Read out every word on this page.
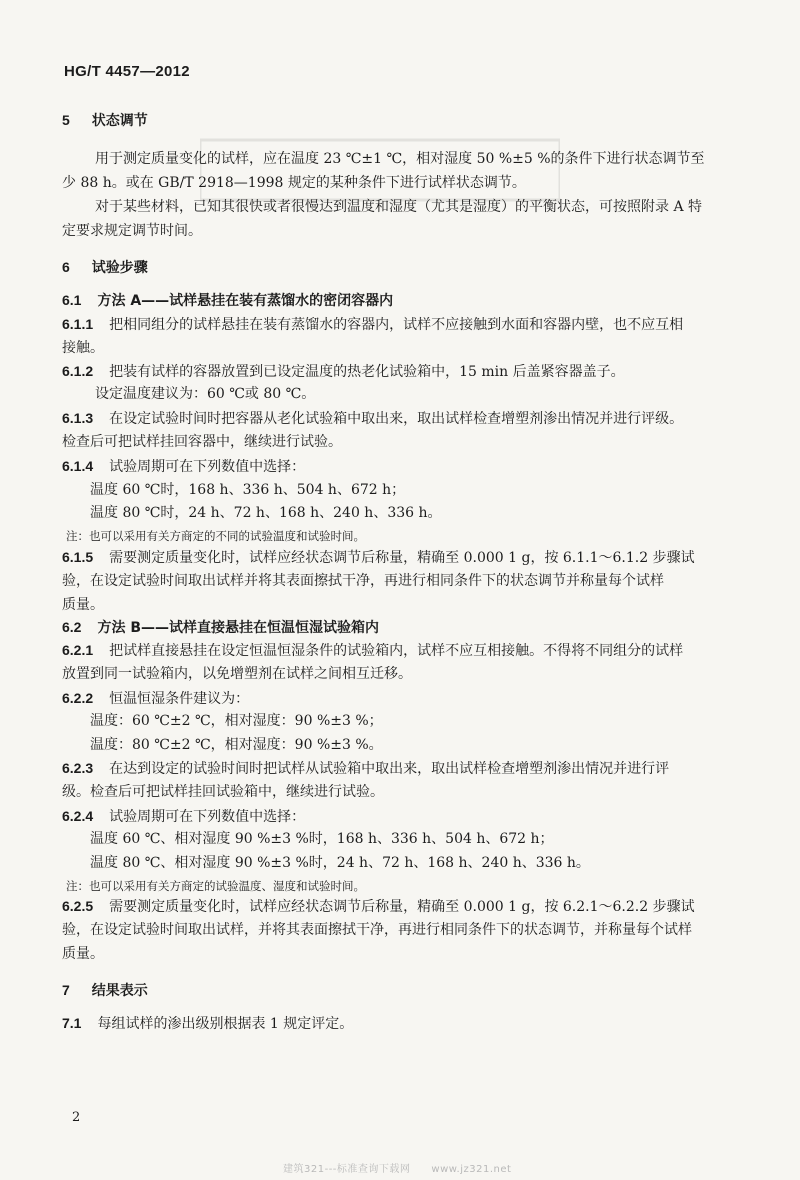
HG/T 4457—2012
5 状态调节
用于测定质量变化的试样，应在温度 23 ℃±1 ℃，相对湿度 50 %±5 %的条件下进行状态调节至
少 88 h。或在 GB/T 2918—1998 规定的某种条件下进行试样状态调节。
对于某些材料，已知其很快或者很慢达到温度和湿度（尤其是湿度）的平衡状态，可按照附录 A 特
定要求规定调节时间。
6 试验步骤
6.1 方法 A——试样悬挂在装有蒸馏水的密闭容器内
6.1.1 把相同组分的试样悬挂在装有蒸馏水的容器内，试样不应接触到水面和容器内壁，也不应互相
接触。
6.1.2 把装有试样的容器放置到已设定温度的热老化试验箱中，15 min 后盖紧容器盖子。
设定温度建议为：60 ℃或 80 ℃。
6.1.3 在设定试验时间时把容器从老化试验箱中取出来，取出试样检查增塑剂渗出情况并进行评级。
检查后可把试样挂回容器中，继续进行试验。
6.1.4 试验周期可在下列数值中选择：
温度 60 ℃时，168 h、336 h、504 h、672 h；
温度 80 ℃时，24 h、72 h、168 h、240 h、336 h。
注：也可以采用有关方商定的不同的试验温度和试验时间。
6.1.5 需要测定质量变化时，试样应经状态调节后称量，精确至 0.000 1 g，按 6.1.1～6.1.2 步骤试
验，在设定试验时间取出试样并将其表面擦拭干净，再进行相同条件下的状态调节并称量每个试样
质量。
6.2 方法 B——试样直接悬挂在恒温恒湿试验箱内
6.2.1 把试样直接悬挂在设定恒温恒湿条件的试验箱内，试样不应互相接触。不得将不同组分的试样
放置到同一试验箱内，以免增塑剂在试样之间相互迁移。
6.2.2 恒温恒湿条件建议为：
温度：60 ℃±2 ℃，相对湿度：90 %±3 %；
温度：80 ℃±2 ℃，相对湿度：90 %±3 %。
6.2.3 在达到设定的试验时间时把试样从试验箱中取出来，取出试样检查增塑剂渗出情况并进行评
级。检查后可把试样挂回试验箱中，继续进行试验。
6.2.4 试验周期可在下列数值中选择：
温度 60 ℃、相对湿度 90 %±3 %时，168 h、336 h、504 h、672 h；
温度 80 ℃、相对湿度 90 %±3 %时，24 h、72 h、168 h、240 h、336 h。
注：也可以采用有关方商定的试验温度、湿度和试验时间。
6.2.5 需要测定质量变化时，试样应经状态调节后称量，精确至 0.000 1 g，按 6.2.1～6.2.2 步骤试
验，在设定试验时间取出试样，并将其表面擦拭干净，再进行相同条件下的状态调节，并称量每个试样
质量。
7 结果表示
7.1 每组试样的渗出级别根据表 1 规定评定。
2
建筑321---标准查询下载网　　www.jz321.net
